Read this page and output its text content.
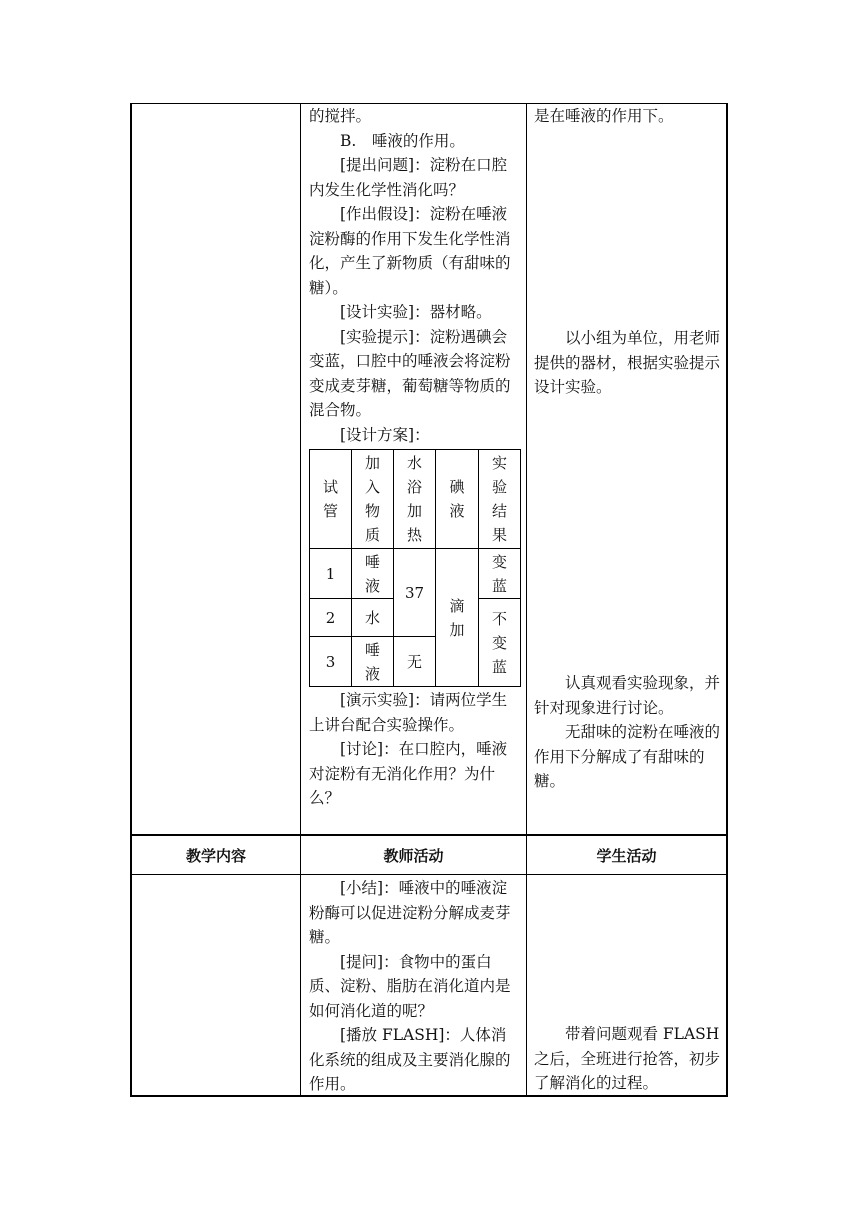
的搅拌。

B.　唾液的作用。

[提出问题]：淀粉在口腔内发生化学性消化吗？

[作出假设]：淀粉在唾液淀粉酶的作用下发生化学性消化，产生了新物质（有甜味的糖）。

[设计实验]：器材略。

[实验提示]：淀粉遇碘会变蓝，口腔中的唾液会将淀粉变成麦芽糖，葡萄糖等物质的混合物。

[设计方案]：

试管	加入物质	水浴加热	碘液	实验结果
1	唾液	37	滴加	变蓝
2	水			不变蓝
3	唾液	无		

[演示实验]：请两位学生上讲台配合实验操作。

[讨论]：在口腔内，唾液对淀粉有无消化作用？为什么？

是在唾液的作用下。

以小组为单位，用老师提供的器材，根据实验提示设计实验。

认真观看实验现象，并针对现象进行讨论。

无甜味的淀粉在唾液的作用下分解成了有甜味的糖。

教学内容	教师活动	学生活动

[小结]：唾液中的唾液淀粉酶可以促进淀粉分解成麦芽糖。

[提问]：食物中的蛋白质、淀粉、脂肪在消化道内是如何消化道的呢？

[播放 FLASH]：人体消化系统的组成及主要消化腺的作用。

带着问题观看 FLASH 之后，全班进行抢答，初步了解消化的过程。
